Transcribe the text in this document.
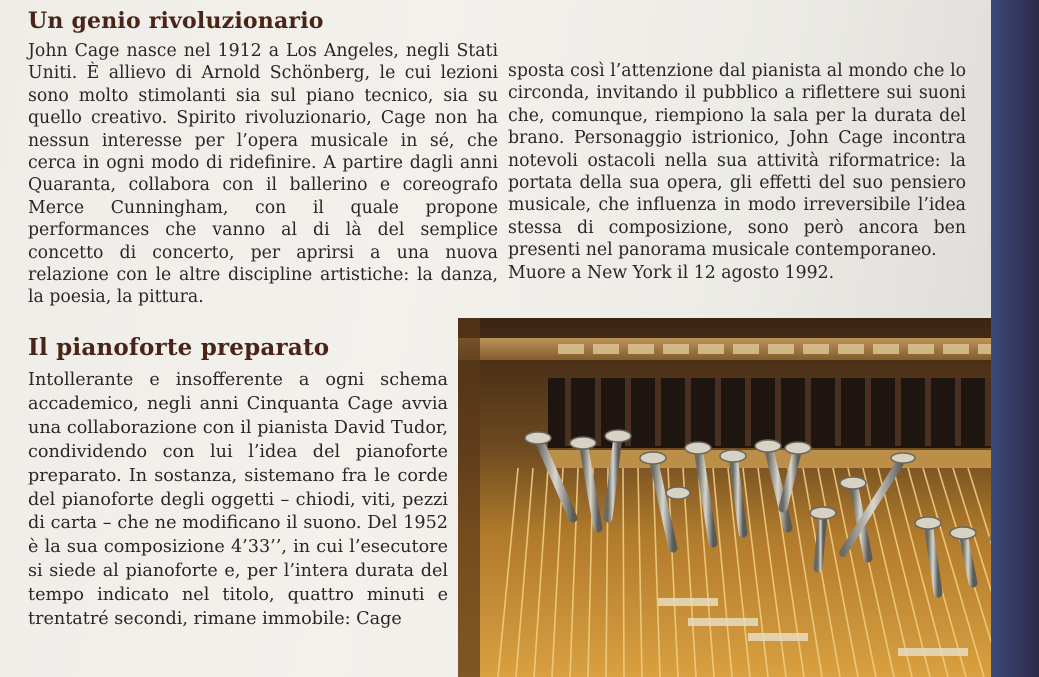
Un genio rivoluzionario

John Cage nasce nel 1912 a Los Angeles, negli Stati Uniti. È allievo di Arnold Schönberg, le cui lezioni sono molto stimolanti sia sul piano tecnico, sia su quello creativo. Spirito rivoluzionario, Cage non ha nessun interesse per l’opera musicale in sé, che cerca in ogni modo di ridefinire. A partire dagli anni Quaranta, collabora con il ballerino e coreografo Merce Cunningham, con il quale propone performances che vanno al di là del semplice concetto di concerto, per aprirsi a una nuova relazione con le altre discipline artistiche: la danza, la poesia, la pittura.

sposta così l’attenzione dal pianista al mondo che lo circonda, invitando il pubblico a riflettere sui suoni che, comunque, riempiono la sala per la durata del brano. Personaggio istrionico, John Cage incontra notevoli ostacoli nella sua attività riformatrice: la portata della sua opera, gli effetti del suo pensiero musicale, che influenza in modo irreversibile l’idea stessa di composizione, sono però ancora ben presenti nel panorama musicale contemporaneo.

Muore a New York il 12 agosto 1992.

Il pianoforte preparato

Intollerante e insofferente a ogni schema accademico, negli anni Cinquanta Cage avvia una collaborazione con il pianista David Tudor, condividendo con lui l’idea del pianoforte preparato. In sostanza, sistemano fra le corde del pianoforte degli oggetti – chiodi, viti, pezzi di carta – che ne modificano il suono. Del 1952 è la sua composizione 4’33’’, in cui l’esecutore si siede al pianoforte e, per l’intera durata del tempo indicato nel titolo, quattro minuti e trentatré secondi, rimane immobile: Cage
